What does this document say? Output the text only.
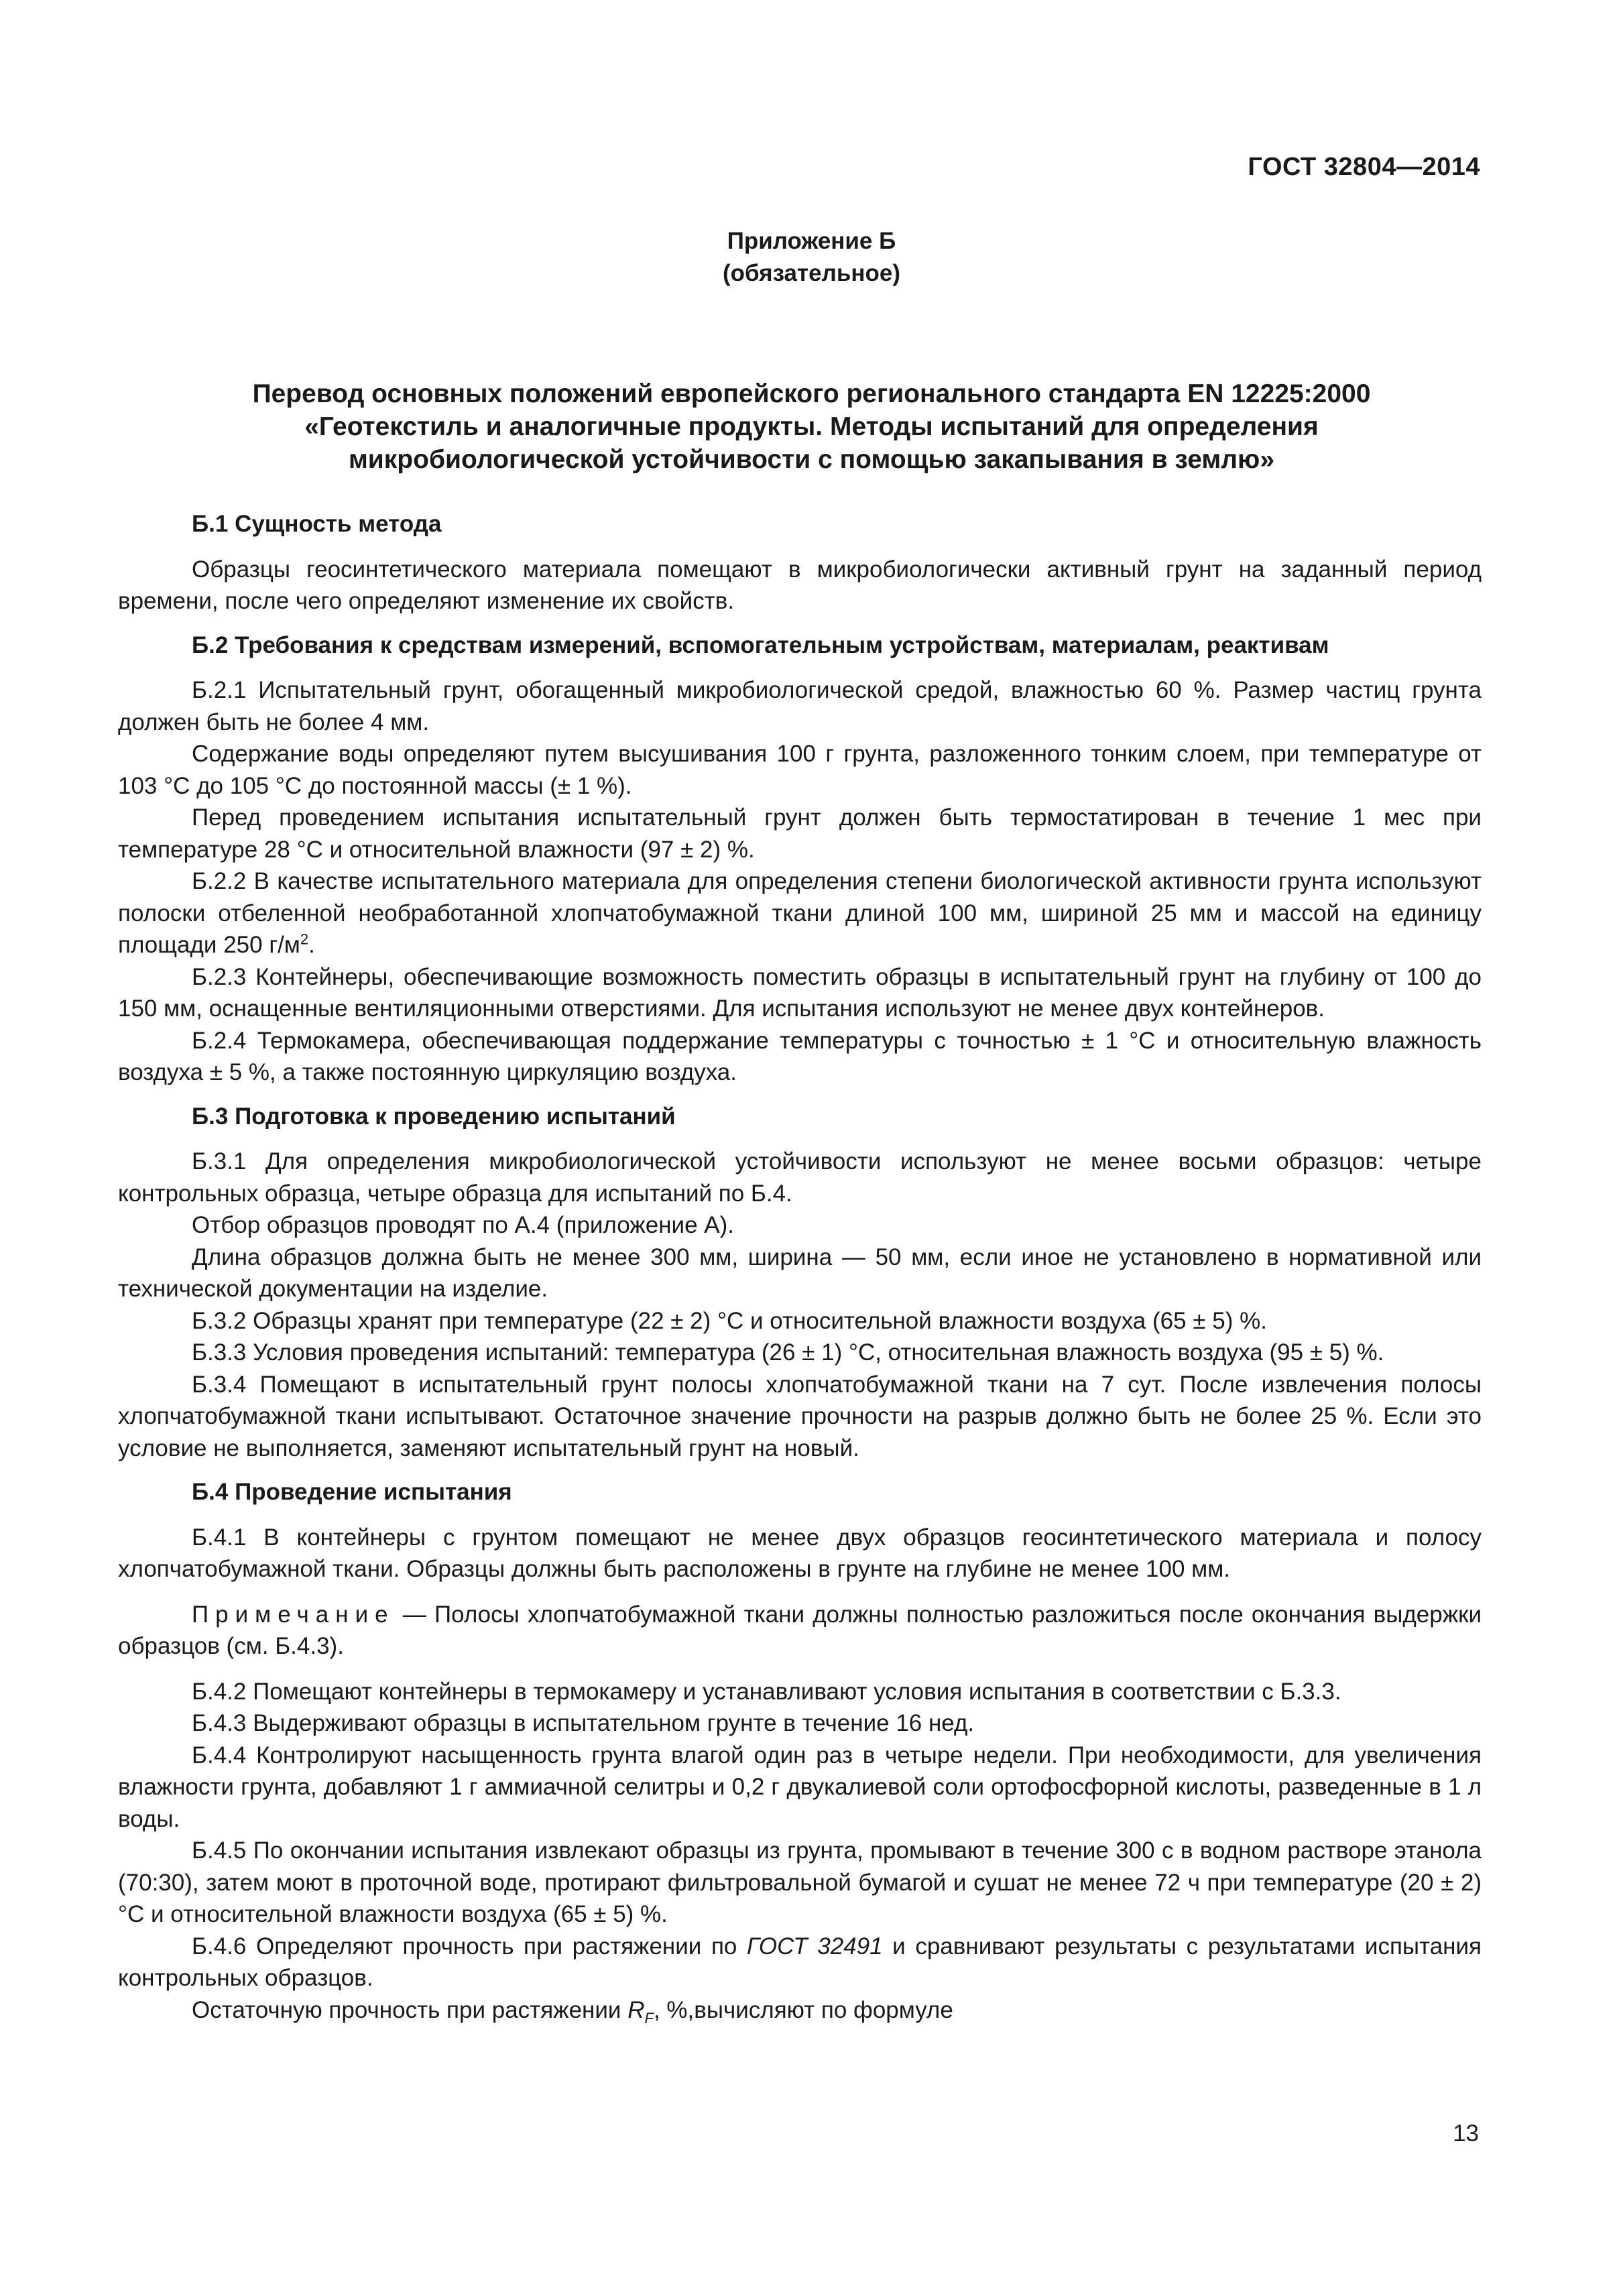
ГОСТ 32804—2014
Приложение Б
(обязательное)
Перевод основных положений европейского регионального стандарта EN 12225:2000
«Геотекстиль и аналогичные продукты. Методы испытаний для определения
микробиологической устойчивости с помощью закапывания в землю»

Б.1 Сущность метода

Образцы геосинтетического материала помещают в микробиологически активный грунт на заданный период времени, после чего определяют изменение их свойств.

Б.2 Требования к средствам измерений, вспомогательным устройствам, материалам, реактивам

Б.2.1 Испытательный грунт, обогащенный микробиологической средой, влажностью 60 %. Размер частиц грунта должен быть не более 4 мм.

Содержание воды определяют путем высушивания 100 г грунта, разложенного тонким слоем, при температуре от 103 °С до 105 °С до постоянной массы (± 1 %).

Перед проведением испытания испытательный грунт должен быть термостатирован в течение 1 мес при температуре 28 °С и относительной влажности (97 ± 2) %.

Б.2.2 В качестве испытательного материала для определения степени биологической активности грунта используют полоски отбеленной необработанной хлопчатобумажной ткани длиной 100 мм, шириной 25 мм и массой на единицу площади 250 $г/м^2$.

Б.2.3 Контейнеры, обеспечивающие возможность поместить образцы в испытательный грунт на глубину от 100 до 150 мм, оснащенные вентиляционными отверстиями. Для испытания используют не менее двух контейнеров.

Б.2.4 Термокамера, обеспечивающая поддержание температуры с точностью ± 1 °С и относительную влажность воздуха ± 5 %, а также постоянную циркуляцию воздуха.

Б.3 Подготовка к проведению испытаний

Б.3.1 Для определения микробиологической устойчивости используют не менее восьми образцов: четыре контрольных образца, четыре образца для испытаний по Б.4.

Отбор образцов проводят по А.4 (приложение А).

Длина образцов должна быть не менее 300 мм, ширина — 50 мм, если иное не установлено в нормативной или технической документации на изделие.

Б.3.2 Образцы хранят при температуре (22 ± 2) °С и относительной влажности воздуха (65 ± 5) %.

Б.3.3 Условия проведения испытаний: температура (26 ± 1) °С, относительная влажность воздуха (95 ± 5) %.

Б.3.4 Помещают в испытательный грунт полосы хлопчатобумажной ткани на 7 сут. После извлечения полосы хлопчатобумажной ткани испытывают. Остаточное значение прочности на разрыв должно быть не более 25 %. Если это условие не выполняется, заменяют испытательный грунт на новый.

Б.4 Проведение испытания

Б.4.1 В контейнеры с грунтом помещают не менее двух образцов геосинтетического материала и полосу хлопчатобумажной ткани. Образцы должны быть расположены в грунте на глубине не менее 100 мм.

Примечание — Полосы хлопчатобумажной ткани должны полностью разложиться после окончания выдержки образцов (см. Б.4.3).

Б.4.2 Помещают контейнеры в термокамеру и устанавливают условия испытания в соответствии с Б.3.3.

Б.4.3 Выдерживают образцы в испытательном грунте в течение 16 нед.

Б.4.4 Контролируют насыщенность грунта влагой один раз в четыре недели. При необходимости, для увеличения влажности грунта, добавляют 1 г аммиачной селитры и 0,2 г двукалиевой соли ортофосфорной кислоты, разведенные в 1 л воды.

Б.4.5 По окончании испытания извлекают образцы из грунта, промывают в течение 300 с в водном растворе этанола (70:30), затем моют в проточной воде, протирают фильтровальной бумагой и сушат не менее 72 ч при температуре (20 ± 2) °С и относительной влажности воздуха (65 ± 5) %.

Б.4.6 Определяют прочность при растяжении по ГОСТ 32491 и сравнивают результаты с результатами испытания контрольных образцов.

Остаточную прочность при растяжении $R_F$, %,вычисляют по формуле

13
